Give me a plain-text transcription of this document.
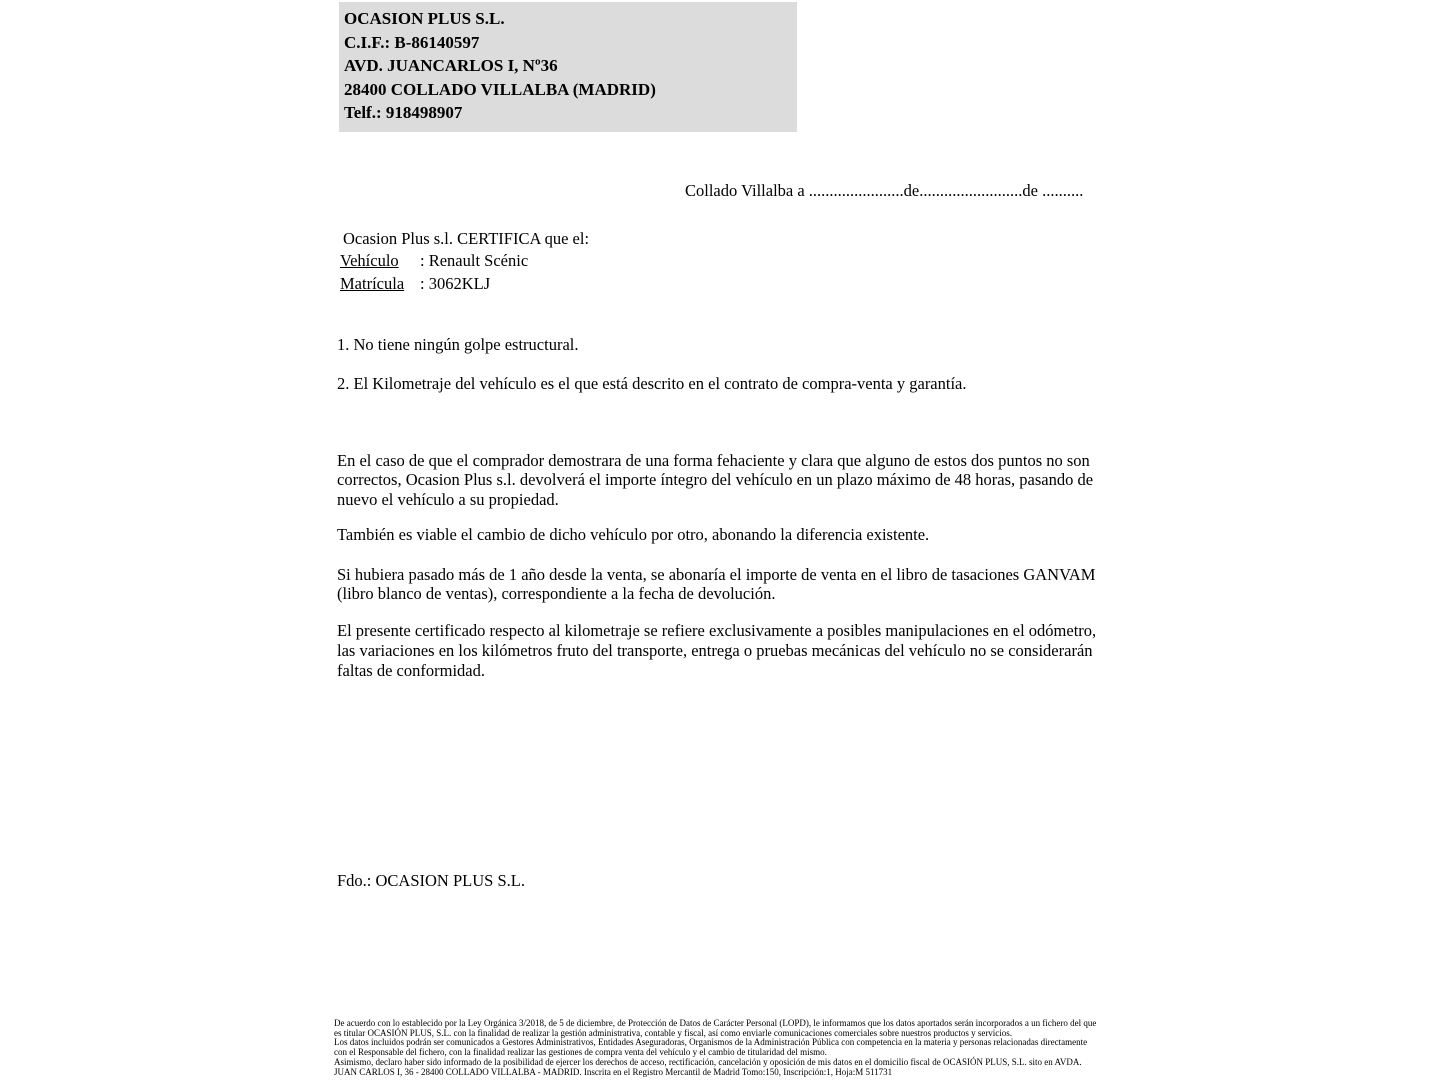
OCASION PLUS S.L.
C.I.F.: B-86140597
AVD. JUANCARLOS I, Nº36
28400 COLLADO VILLALBA (MADRID)
Telf.: 918498907
Collado Villalba a .......................de.........................de ..........
Ocasion Plus s.l. CERTIFICA que el:
Vehículo : Renault Scénic
Matrícula : 3062KLJ

1. No tiene ningún golpe estructural.

2. El Kilometraje del vehículo es el que está descrito en el contrato de compra-venta y garantía.

En el caso de que el comprador demostrara de una forma fehaciente y clara que alguno de estos dos puntos no son correctos, Ocasion Plus s.l. devolverá el importe íntegro del vehículo en un plazo máximo de 48 horas, pasando de nuevo el vehículo a su propiedad.

También es viable el cambio de dicho vehículo por otro, abonando la diferencia existente.

Si hubiera pasado más de 1 año desde la venta, se abonaría el importe de venta en el libro de tasaciones GANVAM (libro blanco de ventas), correspondiente a la fecha de devolución.

El presente certificado respecto al kilometraje se refiere exclusivamente a posibles manipulaciones en el odómetro, las variaciones en los kilómetros fruto del transporte, entrega o pruebas mecánicas del vehículo no se considerarán faltas de conformidad.

Fdo.: OCASION PLUS S.L.

De acuerdo con lo establecido por la Ley Orgánica 3/2018, de 5 de diciembre, de Protección de Datos de Carácter Personal (LOPD), le informamos que los datos aportados serán incorporados a un fichero del que es titular OCASIÓN PLUS, S.L. con la finalidad de realizar la gestión administrativa, contable y fiscal, así como enviarle comunicaciones comerciales sobre nuestros productos y servicios.

Los datos incluidos podrán ser comunicados a Gestores Administrativos, Entidades Aseguradoras, Organismos de la Administración Pública con competencia en la materia y personas relacionadas directamente con el Responsable del fichero, con la finalidad realizar las gestiones de compra venta del vehículo y el cambio de titularidad del mismo.

Asimismo, declaro haber sido informado de la posibilidad de ejercer los derechos de acceso, rectificación, cancelación y oposición de mis datos en el domicilio fiscal de OCASIÓN PLUS, S.L. sito en AVDA. JUAN CARLOS I, 36 - 28400 COLLADO VILLALBA - MADRID. Inscrita en el Registro Mercantil de Madrid Tomo:150, Inscripción:1, Hoja:M 511731
